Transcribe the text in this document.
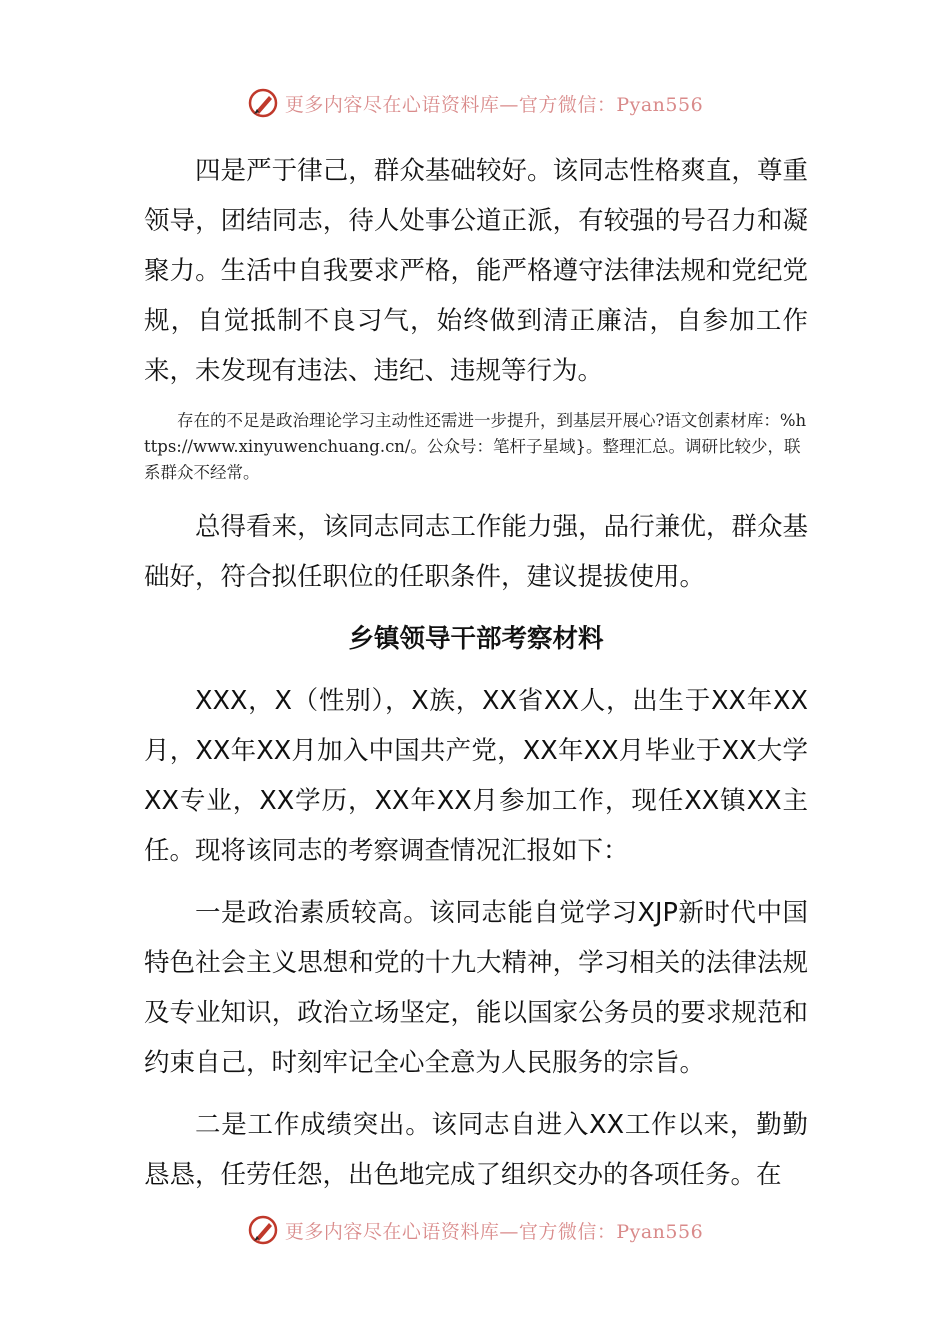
更多内容尽在心语资料库—官方微信：Pyan556

四是严于律己，群众基础较好。该同志性格爽直，尊重领导，团结同志，待人处事公道正派，有较强的号召力和凝聚力。生活中自我要求严格，能严格遵守法律法规和党纪党规，自觉抵制不良习气，始终做到清正廉洁，自参加工作来，未发现有违法、违纪、违规等行为。

存在的不足是政治理论学习主动性还需进一步提升，到基层开展心?语文创素材库：%https://www.xinyuwenchuang.cn/。公众号：笔杆子星域}。整理汇总。调研比较少，联系群众不经常。

总得看来，该同志同志工作能力强，品行兼优，群众基础好，符合拟任职位的任职条件，建议提拔使用。

乡镇领导干部考察材料

XXX，X（性别），X族，XX省XX人，出生于XX年XX月，XX年XX月加入中国共产党，XX年XX月毕业于XX大学XX专业，XX学历，XX年XX月参加工作，现任XX镇XX主任。现将该同志的考察调查情况汇报如下：

一是政治素质较高。该同志能自觉学习XJP新时代中国特色社会主义思想和党的十九大精神，学习相关的法律法规及专业知识，政治立场坚定，能以国家公务员的要求规范和约束自己，时刻牢记全心全意为人民服务的宗旨。

二是工作成绩突出。该同志自进入XX工作以来，勤勤恳恳，任劳任怨，出色地完成了组织交办的各项任务。在

更多内容尽在心语资料库—官方微信：Pyan556
